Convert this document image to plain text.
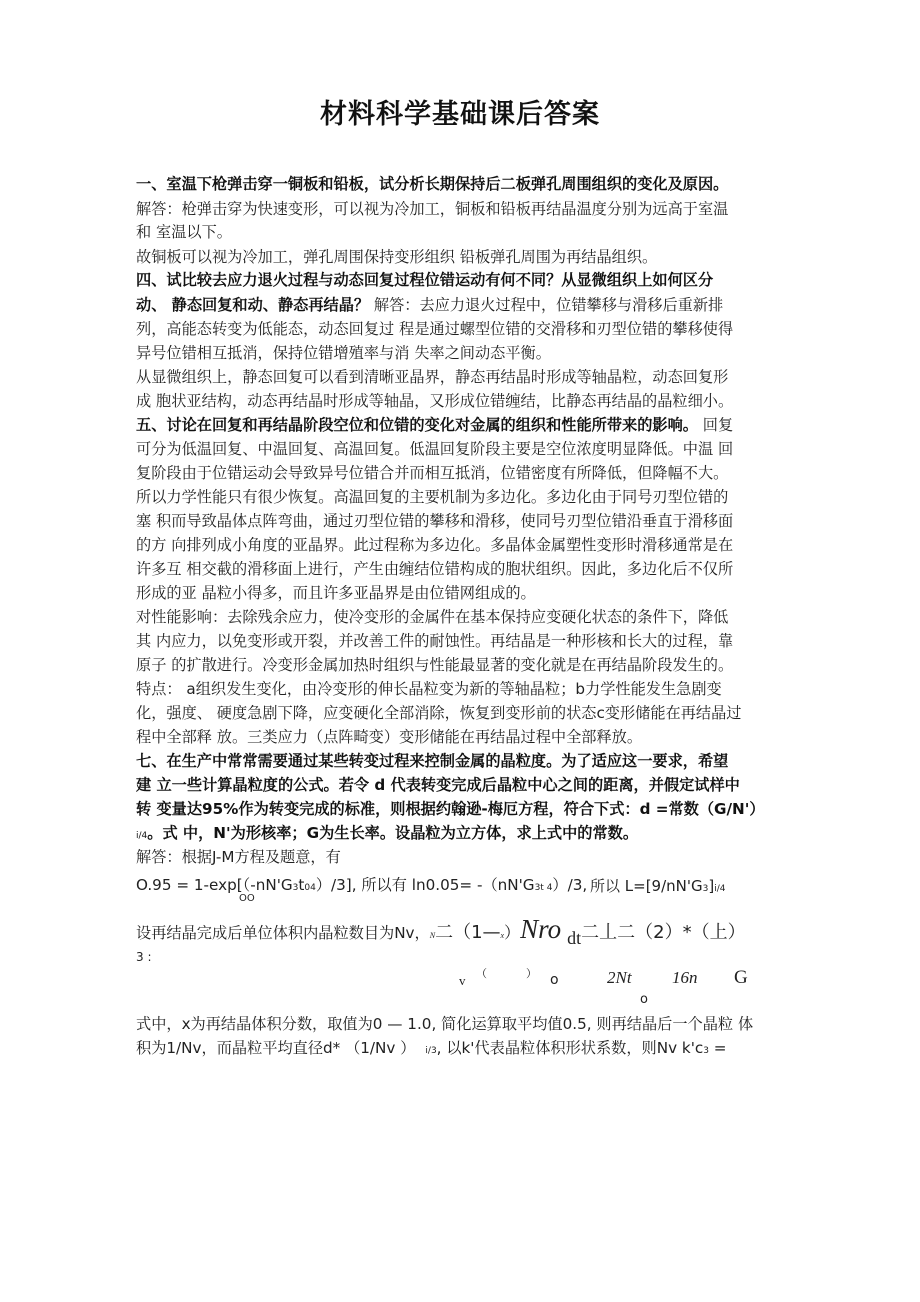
材料科学基础课后答案
一、室温下枪弹击穿一铜板和铅板，试分析长期保持后二板弹孔周围组织的变化及原因。
解答：枪弹击穿为快速变形，可以视为冷加工，铜板和铅板再结晶温度分别为远高于室温
和 室温以下。
故铜板可以视为冷加工，弹孔周围保持变形组织 铅板弹孔周围为再结晶组织。
四、试比较去应力退火过程与动态回复过程位错运动有何不同？从显微组织上如何区分
动、 静态回复和动、静态再结晶？ 解答：去应力退火过程中，位错攀移与滑移后重新排
列，高能态转变为低能态，动态回复过 程是通过螺型位错的交滑移和刃型位错的攀移使得
异号位错相互抵消，保持位错增殖率与消 失率之间动态平衡。
从显微组织上，静态回复可以看到清晰亚晶界，静态再结晶时形成等轴晶粒，动态回复形
成 胞状亚结构，动态再结晶时形成等轴晶，又形成位错缠结，比静态再结晶的晶粒细小。
五、讨论在回复和再结晶阶段空位和位错的变化对金属的组织和性能所带来的影响。 回复
可分为低温回复、中温回复、高温回复。低温回复阶段主要是空位浓度明显降低。中温 回
复阶段由于位错运动会导致异号位错合并而相互抵消，位错密度有所降低，但降幅不大。
所以力学性能只有很少恢复。高温回复的主要机制为多边化。多边化由于同号刃型位错的
塞 积而导致晶体点阵弯曲，通过刃型位错的攀移和滑移，使同号刃型位错沿垂直于滑移面
的方 向排列成小角度的亚晶界。此过程称为多边化。多晶体金属塑性变形时滑移通常是在
许多互 相交截的滑移面上进行，产生由缠结位错构成的胞状组织。因此，多边化后不仅所
形成的亚 晶粒小得多，而且许多亚晶界是由位错网组成的。
对性能影响：去除残余应力，使冷变形的金属件在基本保持应变硬化状态的条件下，降低
其 内应力，以免变形或开裂，并改善工件的耐蚀性。再结晶是一种形核和长大的过程，靠
原子 的扩散进行。冷变形金属加热时组织与性能最显著的变化就是在再结晶阶段发生的。
特点： a组织发生变化，由冷变形的伸长晶粒变为新的等轴晶粒；b力学性能发生急剧变
化，强度、 硬度急剧下降，应变硬化全部消除，恢复到变形前的状态c变形储能在再结晶过
程中全部释 放。三类应力（点阵畸变）变形储能在再结晶过程中全部释放。
七、在生产中常常需要通过某些转变过程来控制金属的晶粒度。为了适应这一要求，希望
建 立一些计算晶粒度的公式。若令 d 代表转变完成后晶粒中心之间的距离，并假定试样中
转 变量达95%作为转变完成的标准，则根据约翰逊-梅厄方程，符合下式：d =常数（G/N'）
i/4。式 中，N'为形核率；G为生长率。设晶粒为立方体，求上式中的常数。
解答：根据J-M方程及题意，有
O.95 = 1-exp[（-nN'G3t04）/3], 所以有 ln0.05= -（nN'G3t 4）/3, 所以 L=[9/nN'G3]i/4
OO
设再结晶完成后单位体积内晶粒数目为Nv，N二（1—x）Nro dt二丄二（2）*（上）
3 :
v （	） o	2Nt 16n G
o
式中，x为再结晶体积分数，取值为0 — 1.0, 简化运算取平均值0.5, 则再结晶后一个晶粒 体
积为1/Nv，而晶粒平均直径d* （1/Nv ） i/3, 以k'代表晶粒体积形状系数，则Nv k'c3 =
